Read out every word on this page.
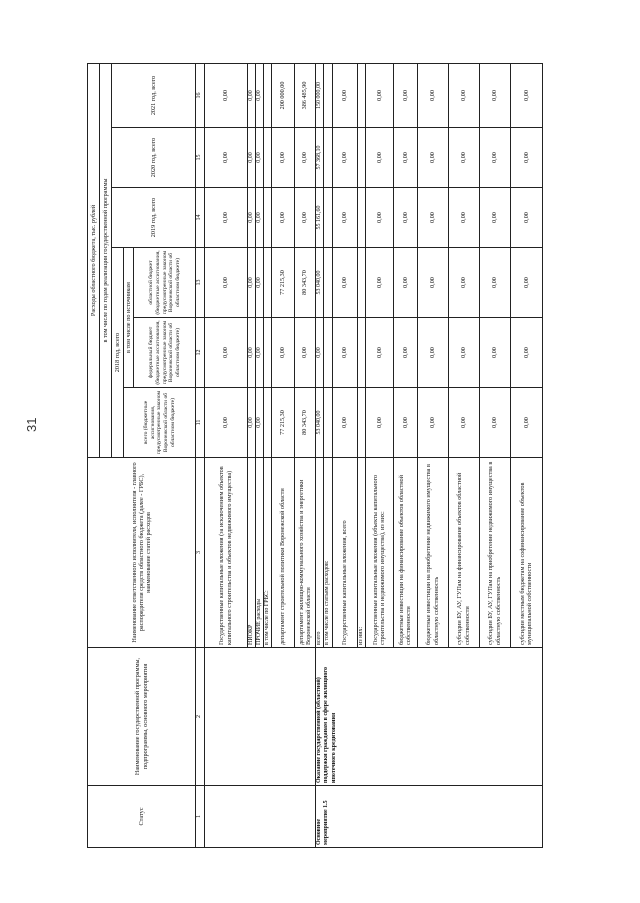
31
Статус	Наименование государственной программы, подпрограммы, основного мероприятия	Наименование ответственного исполнителя, исполнителя - главного распорядителя средств областного бюджета (далее - ГРБС), наименование статей расходов	Расходы областного бюджета, тыс. рублей					
			в том числе по годам реализации государственной программы					
			2018 год, всего			2019 год, всего	2020 год, всего	2021 год, всего
			всего (бюджетные ассигнования, предусмотренные законом Воронежской области об областном бюджете)	в том числе по источникам				
				федеральный бюджет (бюджетные ассигнования, предусмотренные законом Воронежской области об областном бюджете)	областной бюджет (бюджетные ассигнования, предусмотренные законом Воронежской области об областном бюджете)			
1	2	3	11	12	13	14	15	16
		Государственные капитальные вложения (за исключением объектов капитального строительства и объектов недвижимого имущества)	0,00	0,00	0,00	0,00	0,00	0,00
		НИОКР	0,00	0,00	0,00	0,00	0,00	0,00
		ПРОЧИЕ расходы	0,00	0,00	0,00	0,00	0,00	0,00
		в том числе по ГРБС:						
		департамент строительной политики Воронежской области	77 215,30	0,00	77 215,30	0,00	0,00	200 000,00
		департамент жилищно-коммунального хозяйства и энергетики Воронежской области	80 343,70	0,00	80 343,70	0,00	0,00	386 485,90
Основное мероприятие 1.5	Оказание государственной (областной) поддержки гражданам в сфере жилищного ипотечного кредитования	всего	53 040,00	0,00	53 040,00	55 161,60	57 368,10	150 000,00
		в том числе по статьям расходов:						
		Государственные капитальные вложения, всего	0,00	0,00	0,00	0,00	0,00	0,00
		из них:						
		Государственные капитальные вложения (объекты капитального строительства и недвижимого имущества), из них:	0,00	0,00	0,00	0,00	0,00	0,00
		бюджетные инвестиции на финансирование объектов областной собственности	0,00	0,00	0,00	0,00	0,00	0,00
		бюджетные инвестиции на приобретение недвижимого имущества в областную собственность	0,00	0,00	0,00	0,00	0,00	0,00
		субсидии БУ, АУ, ГУПам на финансирование объектов областной собственности	0,00	0,00	0,00	0,00	0,00	0,00
		субсидии БУ, АУ, ГУПам на приобретение недвижимого имущества в областную собственность	0,00	0,00	0,00	0,00	0,00	0,00
		субсидии местным бюджетам на софинансирование объектов муниципальной собственности	0,00	0,00	0,00	0,00	0,00	0,00
